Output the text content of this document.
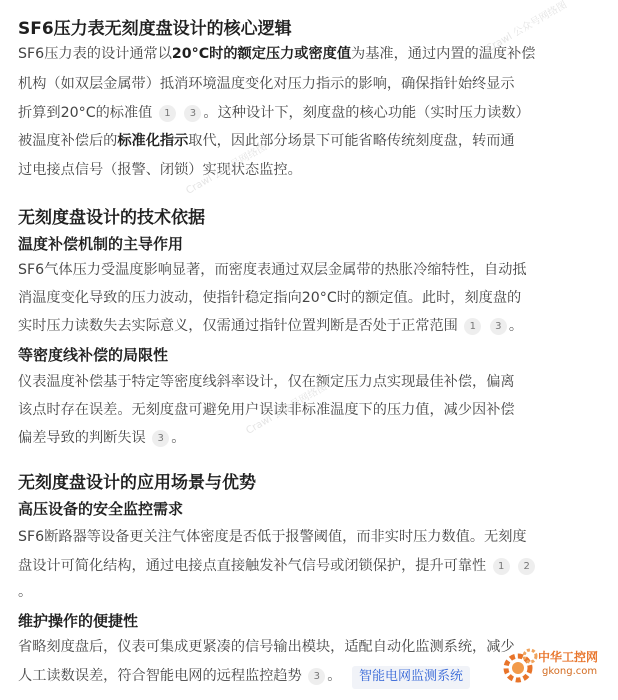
SF6压力表无刻度盘设计的核心逻辑
SF6压力表的设计通常以20°C时的额定压力或密度值为基准，通过内置的温度补偿
机构（如双层金属带）抵消环境温度变化对压力指示的影响，确保指针始终显示
折算到20°C的标准值 1 3 。这种设计下，刻度盘的核心功能（实时压力读数）
被温度补偿后的标准化指示取代，因此部分场景下可能省略传统刻度盘，转而通
过电接点信号（报警、闭锁）实现状态监控。
无刻度盘设计的技术依据
温度补偿机制的主导作用
SF6气体压力受温度影响显著，而密度表通过双层金属带的热胀冷缩特性，自动抵
消温度变化导致的压力波动，使指针稳定指向20°C时的额定值。此时，刻度盘的
实时压力读数失去实际意义，仅需通过指针位置判断是否处于正常范围 1 3 。
等密度线补偿的局限性
仪表温度补偿基于特定等密度线斜率设计，仅在额定压力点实现最佳补偿，偏离
该点时存在误差。无刻度盘可避免用户误读非标准温度下的压力值，减少因补偿
偏差导致的判断失误 3 。
无刻度盘设计的应用场景与优势
高压设备的安全监控需求
SF6断路器等设备更关注气体密度是否低于报警阈值，而非实时压力数值。无刻度
盘设计可简化结构，通过电接点直接触发补气信号或闭锁保护，提升可靠性 1 2
。
维护操作的便捷性
省略刻度盘后，仪表可集成更紧凑的信号输出模块，适配自动化监测系统，减少
人工读数误差，符合智能电网的远程监控趋势 3 。 智能电网监测系统
Crawl 公众号网络图
Crawl 公众号网络图
Crawl 公众号网络图
中华工控网
gkong.com
